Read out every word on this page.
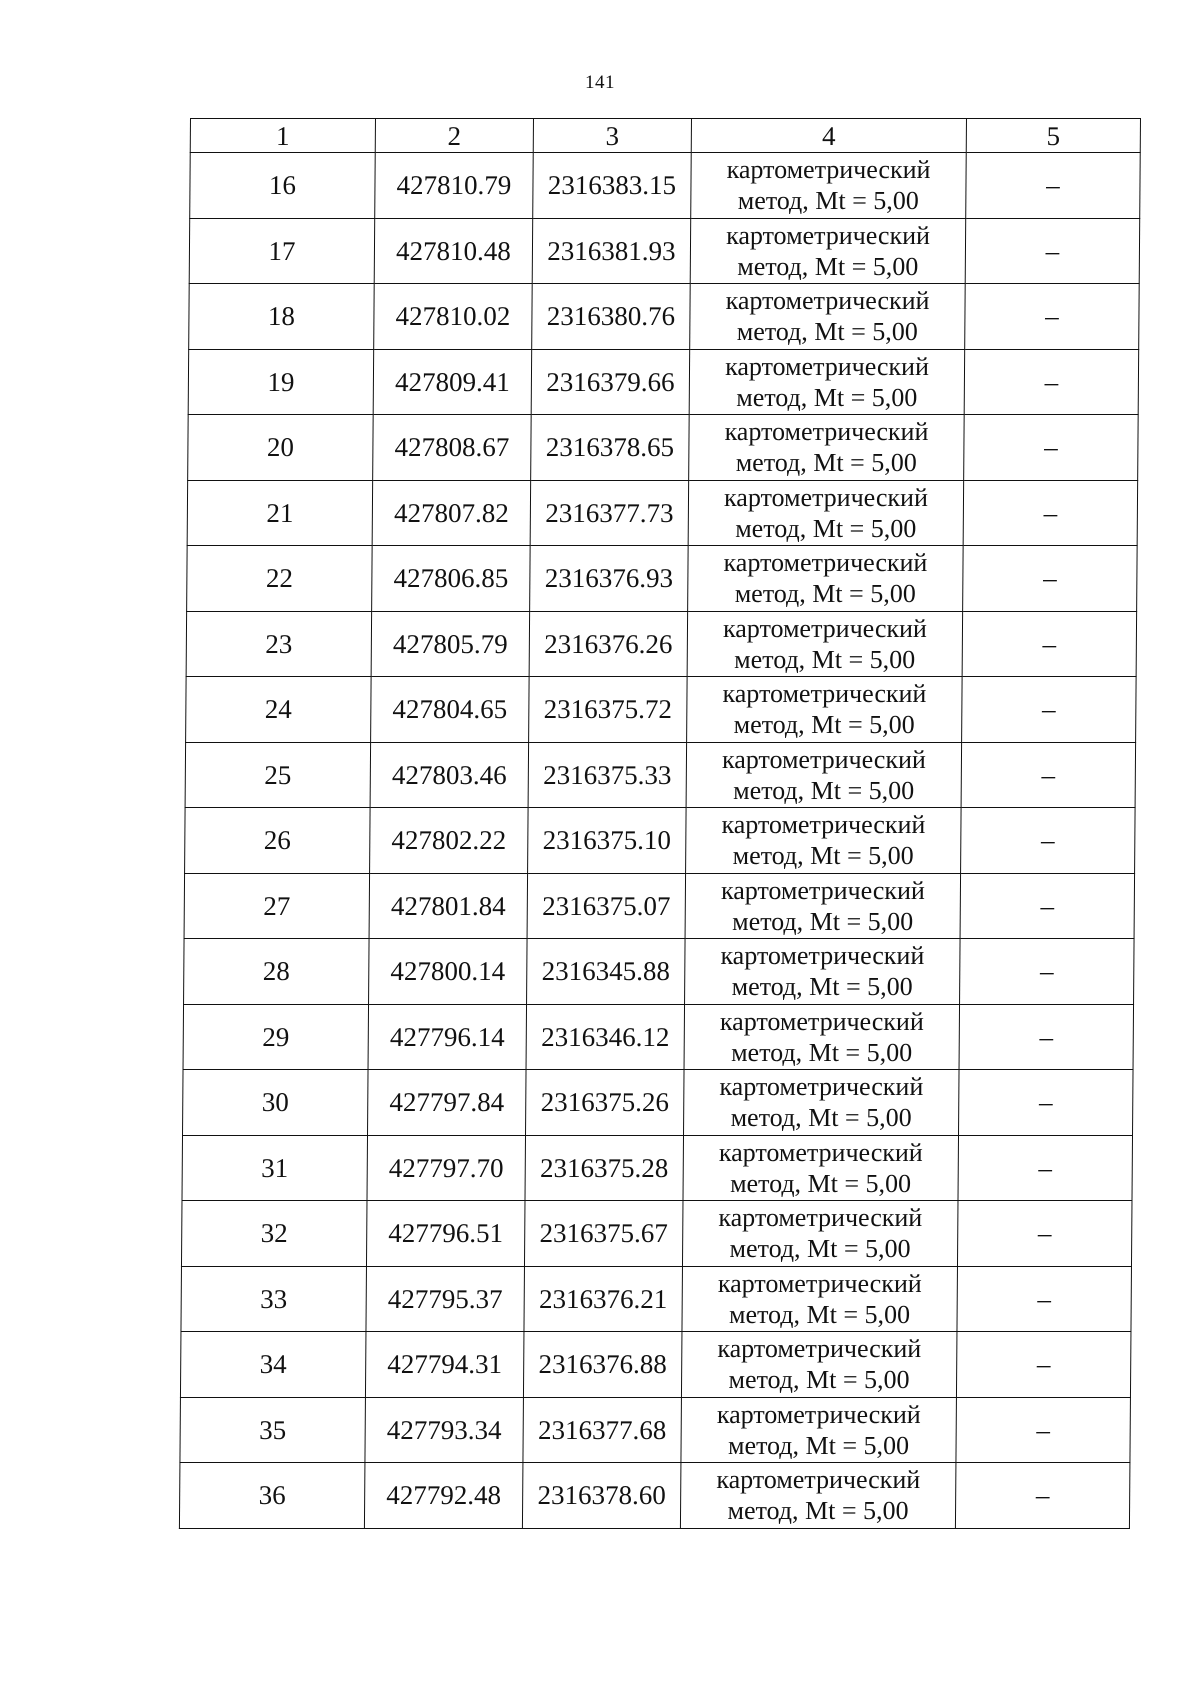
141
1	2	3	4	5
16	427810.79	2316383.15	картометрический
метод, Mt = 5,00	–
17	427810.48	2316381.93	картометрический
метод, Mt = 5,00	–
18	427810.02	2316380.76	картометрический
метод, Mt = 5,00	–
19	427809.41	2316379.66	картометрический
метод, Mt = 5,00	–
20	427808.67	2316378.65	картометрический
метод, Mt = 5,00	–
21	427807.82	2316377.73	картометрический
метод, Mt = 5,00	–
22	427806.85	2316376.93	картометрический
метод, Mt = 5,00	–
23	427805.79	2316376.26	картометрический
метод, Mt = 5,00	–
24	427804.65	2316375.72	картометрический
метод, Mt = 5,00	–
25	427803.46	2316375.33	картометрический
метод, Mt = 5,00	–
26	427802.22	2316375.10	картометрический
метод, Mt = 5,00	–
27	427801.84	2316375.07	картометрический
метод, Mt = 5,00	–
28	427800.14	2316345.88	картометрический
метод, Mt = 5,00	–
29	427796.14	2316346.12	картометрический
метод, Mt = 5,00	–
30	427797.84	2316375.26	картометрический
метод, Mt = 5,00	–
31	427797.70	2316375.28	картометрический
метод, Mt = 5,00	–
32	427796.51	2316375.67	картометрический
метод, Mt = 5,00	–
33	427795.37	2316376.21	картометрический
метод, Mt = 5,00	–
34	427794.31	2316376.88	картометрический
метод, Mt = 5,00	–
35	427793.34	2316377.68	картометрический
метод, Mt = 5,00	–
36	427792.48	2316378.60	картометрический
метод, Mt = 5,00	–
